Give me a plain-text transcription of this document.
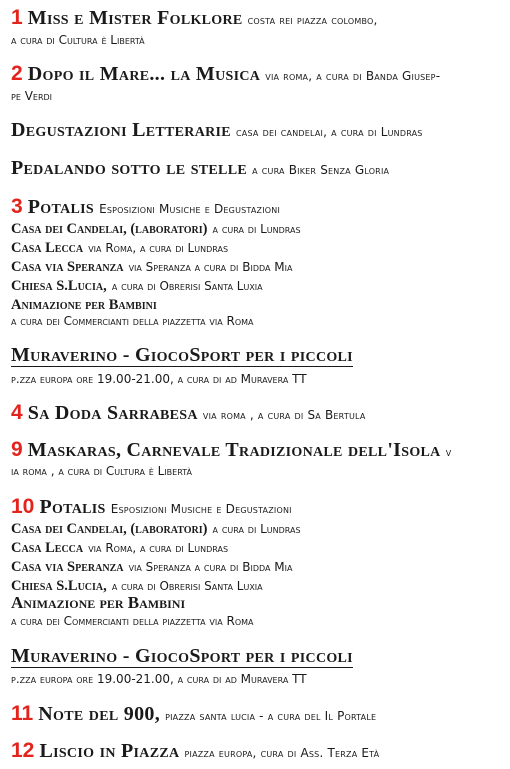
1 Miss e Mister Folklore costa rei piazza colombo,
a cura di Cultura è Libertà
2 Dopo il Mare... la Musica via roma, a cura di Banda Giusep-
pe Verdi
Degustazioni Letterarie casa dei candelai, a cura di Lundras
Pedalando sotto le stelle a cura Biker Senza Gloria
3 Potalis Esposizioni Musiche e Degustazioni
Casa dei Candelai, (laboratori) a cura di Lundras
Casa Lecca via Roma, a cura di Lundras
Casa via Speranza via Speranza a cura di Bidda Mia
Chiesa S.Lucia, a cura di Obrerisi Santa Luxia
Animazione per Bambini
a cura dei Commercianti della piazzetta via Roma
Muraverino - GiocoSport per i piccoli
p.zza europa ore 19.00-21.00, a cura di ad Muravera TT
4 Sa Doda Sarrabesa via roma , a cura di Sa Bertula
9 Maskaras, Carnevale Tradizionale dell'Isola v
ia roma , a cura di Cultura è Libertà
10 Potalis Esposizioni Musiche e Degustazioni
Casa dei Candelai, (laboratori) a cura di Lundras
Casa Lecca via Roma, a cura di Lundras
Casa via Speranza via Speranza a cura di Bidda Mia
Chiesa S.Lucia, a cura di Obrerisi Santa Luxia
Animazione per Bambini
a cura dei Commercianti della piazzetta via Roma
Muraverino - GiocoSport per i piccoli
p.zza europa ore 19.00-21.00, a cura di ad Muravera TT
11 Note del 900, piazza santa lucia - a cura del Il Portale
12 Liscio in Piazza piazza europa, cura di Ass. Terza Età
